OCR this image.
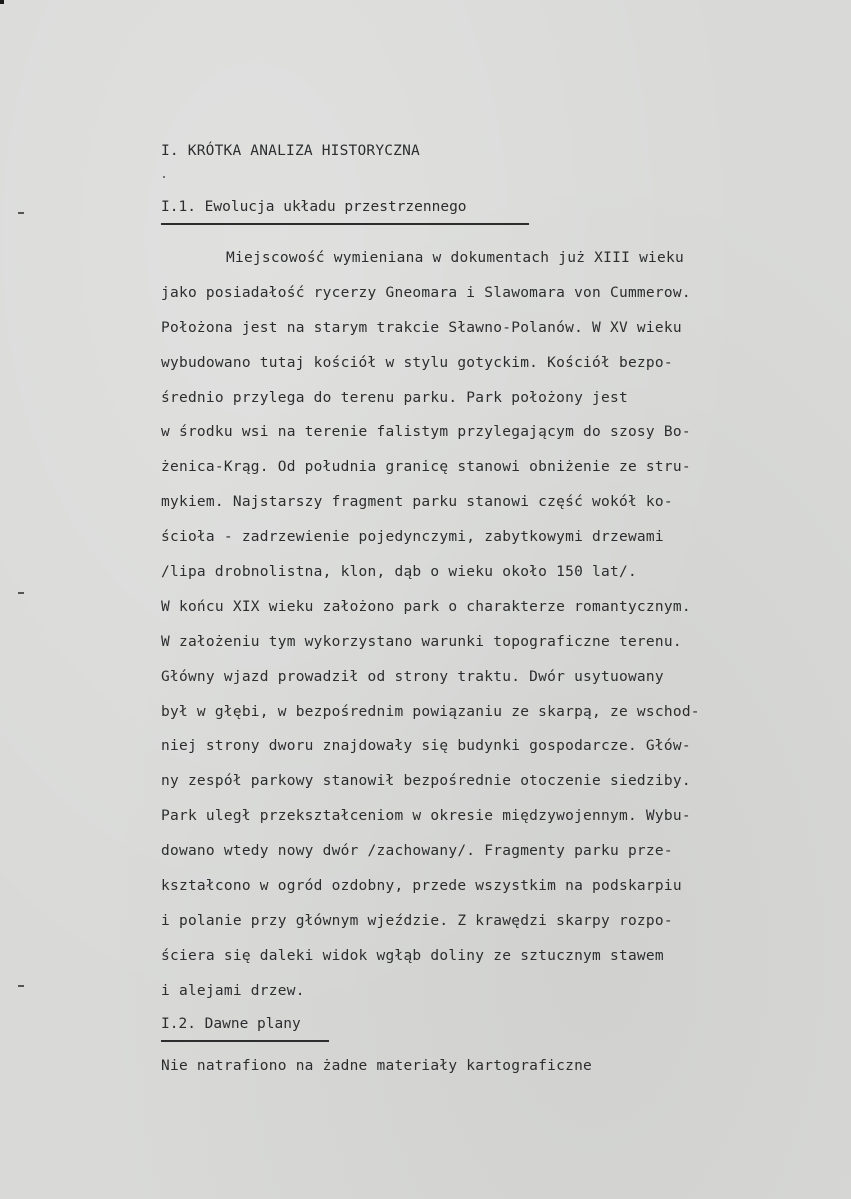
I. KRÓTKA ANALIZA HISTORYCZNA
I.1. Ewolucja układu przestrzennego
Miejscowość wymieniana w dokumentach już XIII wieku
jako posiadałość rycerzy Gneomara i Slawomara von Cummerow.
Położona jest na starym trakcie Sławno-Polanów. W XV wieku
wybudowano tutaj kościół w stylu gotyckim. Kościół bezpo-
średnio przylega do terenu parku. Park położony jest
w środku wsi na terenie falistym przylegającym do szosy Bo-
żenica-Krąg. Od południa granicę stanowi obniżenie ze stru-
mykiem. Najstarszy fragment parku stanowi część wokół ko-
ścioła - zadrzewienie pojedynczymi, zabytkowymi drzewami
/lipa drobnolistna, klon, dąb o wieku około 150 lat/.
W końcu XIX wieku założono park o charakterze romantycznym.
W założeniu tym wykorzystano warunki topograficzne terenu.
Główny wjazd prowadził od strony traktu. Dwór usytuowany
był w głębi, w bezpośrednim powiązaniu ze skarpą, ze wschod-
niej strony dworu znajdowały się budynki gospodarcze. Głów-
ny zespół parkowy stanowił bezpośrednie otoczenie siedziby.
Park uległ przekształceniom w okresie międzywojennym. Wybu-
dowano wtedy nowy dwór /zachowany/. Fragmenty parku prze-
kształcono w ogród ozdobny, przede wszystkim na podskarpiu
i polanie przy głównym wjeździe. Z krawędzi skarpy rozpo-
ściera się daleki widok wgłąb doliny ze sztucznym stawem
i alejami drzew.
I.2. Dawne plany
Nie natrafiono na żadne materiały kartograficzne
